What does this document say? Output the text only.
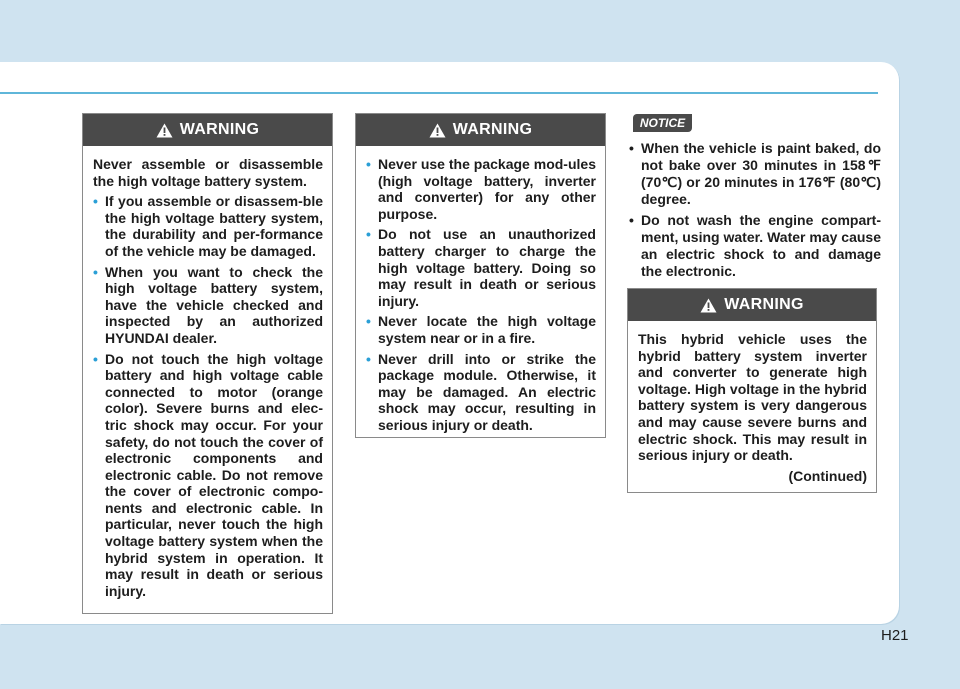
WARNING

Never assemble or disassemble the high voltage battery system.

• If you assemble or disassem-ble the high voltage battery system, the durability and per-formance of the vehicle may be damaged.
• When you want to check the high voltage battery system, have the vehicle checked and inspected by an authorized HYUNDAI dealer.
• Do not touch the high voltage battery and high voltage cable connected to motor (orange color). Severe burns and elec-tric shock may occur. For your safety, do not touch the cover of electronic components and electronic cable. Do not remove the cover of electronic compo-nents and electronic cable. In particular, never touch the high voltage battery system when the hybrid system in operation. It may result in death or serious injury.
WARNING
• Never use the package mod-ules (high voltage battery, inverter and converter) for any other purpose.
• Do not use an unauthorized battery charger to charge the high voltage battery. Doing so may result in death or serious injury.
• Never locate the high voltage system near or in a fire.
• Never drill into or strike the package module. Otherwise, it may be damaged. An electric shock may occur, resulting in serious injury or death.
NOTICE
• When the vehicle is paint baked, do not bake over 30 minutes in 158℉ (70℃) or 20 minutes in 176℉ (80℃) degree.
• Do not wash the engine compart-ment, using water. Water may cause an electric shock to and damage the electronic.
WARNING

This hybrid vehicle uses the hybrid battery system inverter and converter to generate high voltage. High voltage in the hybrid battery system is very dangerous and may cause severe burns and electric shock. This may result in serious injury or death.

(Continued)
H21
